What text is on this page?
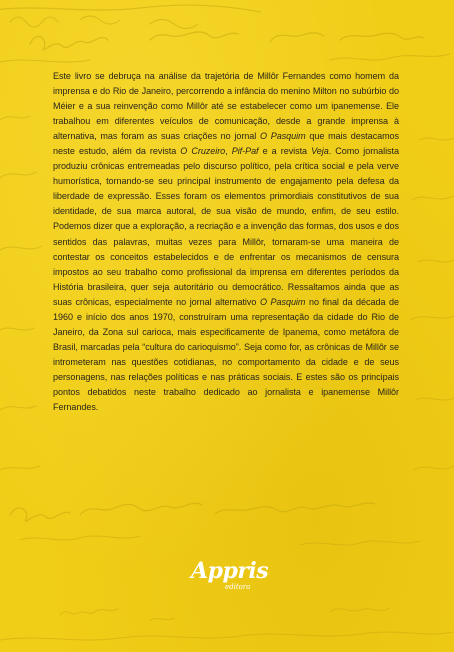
Este livro se debruça na análise da trajetória de Millôr Fernandes como homem da imprensa e do Rio de Janeiro, percorrendo a infância do menino Milton no subúrbio do Méier e a sua reinvenção como Millôr até se estabelecer como um ipanemense. Ele trabalhou em diferentes veículos de comunicação, desde a grande imprensa à alternativa, mas foram as suas criações no jornal O Pasquim que mais destacamos neste estudo, além da revista O Cruzeiro, Pif-Paf e a revista Veja. Como jornalista produziu crônicas entremeadas pelo discurso político, pela crítica social e pela verve humorística, tornando-se seu principal instrumento de engajamento pela defesa da liberdade de expressão. Esses foram os elementos primordiais constitutivos de sua identidade, de sua marca autoral, de sua visão de mundo, enfim, de seu estilo. Podemos dizer que a exploração, a recriação e a invenção das formas, dos usos e dos sentidos das palavras, muitas vezes para Millôr, tornaram-se uma maneira de contestar os conceitos estabelecidos e de enfrentar os mecanismos de censura impostos ao seu trabalho como profissional da imprensa em diferentes períodos da História brasileira, quer seja autoritário ou democrático. Ressaltamos ainda que as suas crônicas, especialmente no jornal alternativo O Pasquim no final da década de 1960 e início dos anos 1970, construíram uma representação da cidade do Rio de Janeiro, da Zona sul carioca, mais especificamente de Ipanema, como metáfora de Brasil, marcadas pela “cultura do carioquismo”. Seja como for, as crônicas de Millôr se intrometeram nas questões cotidianas, no comportamento da cidade e de seus personagens, nas relações políticas e nas práticas sociais. E estes são os principais pontos debatidos neste trabalho dedicado ao jornalista e ipanemense Millôr Fernandes.

Appris
editora
